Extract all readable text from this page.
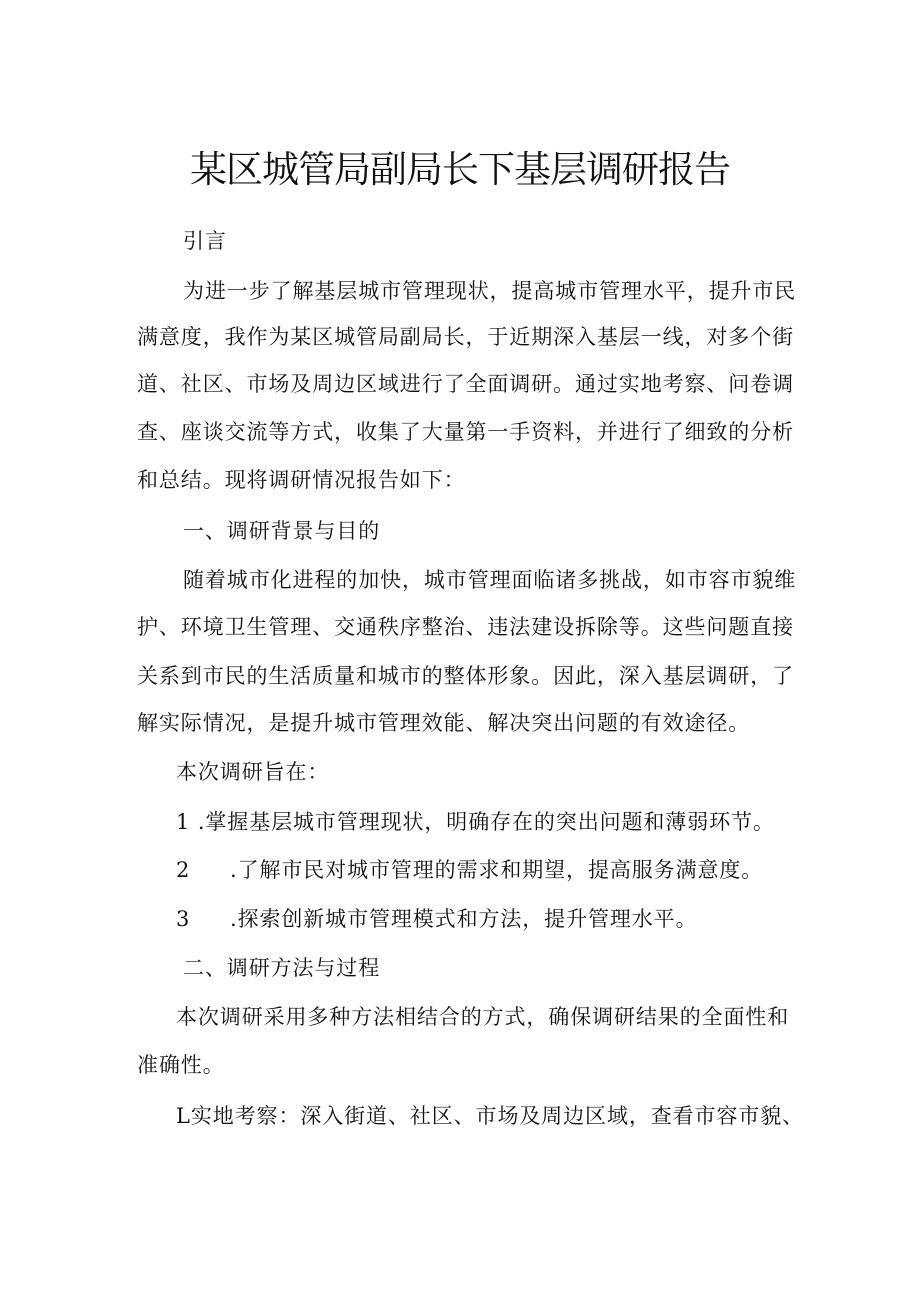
某区城管局副局长下基层调研报告

引言

为进一步了解基层城市管理现状，提高城市管理水平，提升市民

满意度，我作为某区城管局副局长，于近期深入基层一线，对多个街

道、社区、市场及周边区域进行了全面调研。通过实地考察、问卷调

查、座谈交流等方式，收集了大量第一手资料，并进行了细致的分析

和总结。现将调研情况报告如下：

一、调研背景与目的

随着城市化进程的加快，城市管理面临诸多挑战，如市容市貌维

护、环境卫生管理、交通秩序整治、违法建设拆除等。这些问题直接

关系到市民的生活质量和城市的整体形象。因此，深入基层调研，了

解实际情况，是提升城市管理效能、解决突出问题的有效途径。

本次调研旨在：

1 .掌握基层城市管理现状，明确存在的突出问题和薄弱环节。

2 .了解市民对城市管理的需求和期望，提高服务满意度。

3 .探索创新城市管理模式和方法，提升管理水平。

二、调研方法与过程

本次调研采用多种方法相结合的方式，确保调研结果的全面性和

准确性。

L实地考察：深入街道、社区、市场及周边区域，查看市容市貌、
